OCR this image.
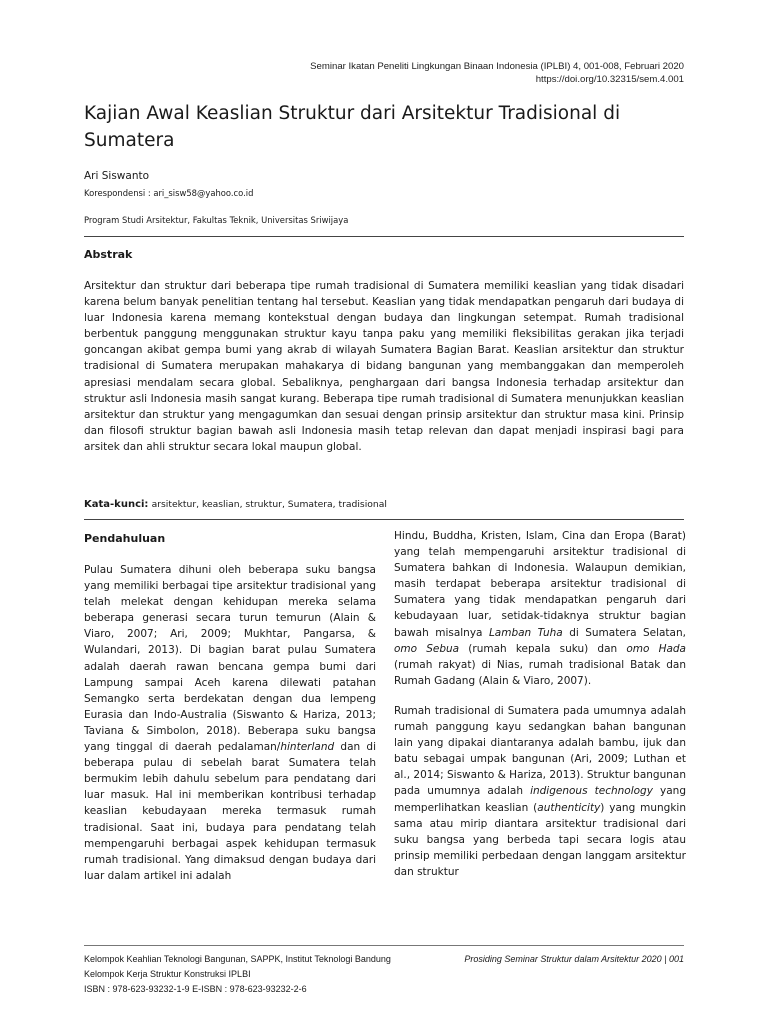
Seminar Ikatan Peneliti Lingkungan Binaan Indonesia (IPLBI) 4, 001-008, Februari 2020
https://doi.org/10.32315/sem.4.001
Kajian Awal Keaslian Struktur dari Arsitektur Tradisional di Sumatera
Ari Siswanto
Korespondensi : ari_sisw58@yahoo.co.id
Program Studi Arsitektur, Fakultas Teknik, Universitas Sriwijaya
Abstrak

Arsitektur dan struktur dari beberapa tipe rumah tradisional di Sumatera memiliki keaslian yang tidak disadari karena belum banyak penelitian tentang hal tersebut. Keaslian yang tidak mendapatkan pengaruh dari budaya di luar Indonesia karena memang kontekstual dengan budaya dan lingkungan setempat. Rumah tradisional berbentuk panggung menggunakan struktur kayu tanpa paku yang memiliki fleksibilitas gerakan jika terjadi goncangan akibat gempa bumi yang akrab di wilayah Sumatera Bagian Barat. Keaslian arsitektur dan struktur tradisional di Sumatera merupakan mahakarya di bidang bangunan yang membanggakan dan memperoleh apresiasi mendalam secara global. Sebaliknya, penghargaan dari bangsa Indonesia terhadap arsitektur dan struktur asli Indonesia masih sangat kurang. Beberapa tipe rumah tradisional di Sumatera menunjukkan keaslian arsitektur dan struktur yang mengagumkan dan sesuai dengan prinsip arsitektur dan struktur masa kini. Prinsip dan filosofi struktur bagian bawah asli Indonesia masih tetap relevan dan dapat menjadi inspirasi bagi para arsitek dan ahli struktur secara lokal maupun global.

Kata-kunci: arsitektur, keaslian, struktur, Sumatera, tradisional
Pendahuluan

Pulau Sumatera dihuni oleh beberapa suku bangsa yang memiliki berbagai tipe arsitektur tradisional yang telah melekat dengan kehidupan mereka selama beberapa generasi secara turun temurun (Alain & Viaro, 2007; Ari, 2009; Mukhtar, Pangarsa, & Wulandari, 2013). Di bagian barat pulau Sumatera adalah daerah rawan bencana gempa bumi dari Lampung sampai Aceh karena dilewati patahan Semangko serta berdekatan dengan dua lempeng Eurasia dan Indo-Australia (Siswanto & Hariza, 2013; Taviana & Simbolon, 2018). Beberapa suku bangsa yang tinggal di daerah pedalaman/hinterland dan di beberapa pulau di sebelah barat Sumatera telah bermukim lebih dahulu sebelum para pendatang dari luar masuk. Hal ini memberikan kontribusi terhadap keaslian kebudayaan mereka termasuk rumah tradisional. Saat ini, budaya para pendatang telah mempengaruhi berbagai aspek kehidupan termasuk rumah tradisional. Yang dimaksud dengan budaya dari luar dalam artikel ini adalah

Hindu, Buddha, Kristen, Islam, Cina dan Eropa (Barat) yang telah mempengaruhi arsitektur tradisional di Sumatera bahkan di Indonesia. Walaupun demikian, masih terdapat beberapa arsitektur tradisional di Sumatera yang tidak mendapatkan pengaruh dari kebudayaan luar, setidak-tidaknya struktur bagian bawah misalnya Lamban Tuha di Sumatera Selatan, omo Sebua (rumah kepala suku) dan omo Hada (rumah rakyat) di Nias, rumah tradisional Batak dan Rumah Gadang (Alain & Viaro, 2007).

Rumah tradisional di Sumatera pada umumnya adalah rumah panggung kayu sedangkan bahan bangunan lain yang dipakai diantaranya adalah bambu, ijuk dan batu sebagai umpak bangunan (Ari, 2009; Luthan et al., 2014; Siswanto & Hariza, 2013). Struktur bangunan pada umumnya adalah indigenous technology yang memperlihatkan keaslian (authenticity) yang mungkin sama atau mirip diantara arsitektur tradisional dari suku bangsa yang berbeda tapi secara logis atau prinsip memiliki perbedaan dengan langgam arsitektur dan struktur

Kelompok Keahlian Teknologi Bangunan, SAPPK, Institut Teknologi Bandung
Kelompok Kerja Struktur Konstruksi IPLBI
ISBN : 978-623-93232-1-9 E-ISBN : 978-623-93232-2-6
Prosiding Seminar Struktur dalam Arsitektur 2020 | 001
